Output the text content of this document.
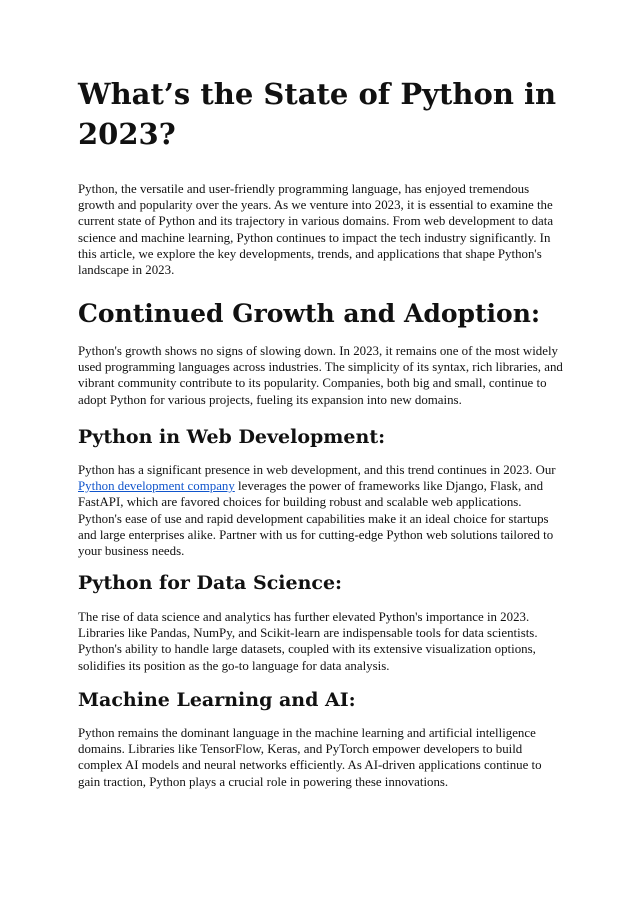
What’s the State of Python in 2023?

Python, the versatile and user-friendly programming language, has enjoyed tremendous growth and popularity over the years. As we venture into 2023, it is essential to examine the current state of Python and its trajectory in various domains. From web development to data science and machine learning, Python continues to impact the tech industry significantly. In this article, we explore the key developments, trends, and applications that shape Python's landscape in 2023.

Continued Growth and Adoption:

Python's growth shows no signs of slowing down. In 2023, it remains one of the most widely used programming languages across industries. The simplicity of its syntax, rich libraries, and vibrant community contribute to its popularity. Companies, both big and small, continue to adopt Python for various projects, fueling its expansion into new domains.

Python in Web Development:

Python has a significant presence in web development, and this trend continues in 2023. Our Python development company leverages the power of frameworks like Django, Flask, and FastAPI, which are favored choices for building robust and scalable web applications. Python's ease of use and rapid development capabilities make it an ideal choice for startups and large enterprises alike. Partner with us for cutting-edge Python web solutions tailored to your business needs.

Python for Data Science:

The rise of data science and analytics has further elevated Python's importance in 2023. Libraries like Pandas, NumPy, and Scikit-learn are indispensable tools for data scientists. Python's ability to handle large datasets, coupled with its extensive visualization options, solidifies its position as the go-to language for data analysis.

Machine Learning and AI:

Python remains the dominant language in the machine learning and artificial intelligence domains. Libraries like TensorFlow, Keras, and PyTorch empower developers to build complex AI models and neural networks efficiently. As AI-driven applications continue to gain traction, Python plays a crucial role in powering these innovations.
